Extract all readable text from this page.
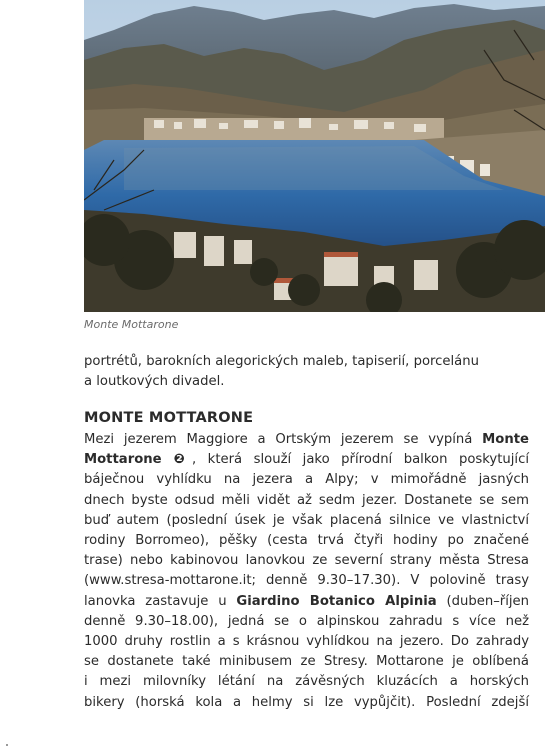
Monte Mottarone

portrétů, barokních alegorických maleb, tapiserií, porcelánu
a loutkových divadel.

MONTE MOTTARONE

Mezi jezerem Maggiore a Ortským jezerem se vypíná Monte
Mottarone ❷, která slouží jako přírodní balkon poskytující
báječnou vyhlídku na jezera a Alpy; v mimořádně jasných
dnech byste odsud měli vidět až sedm jezer. Dostanete se sem
buď autem (poslední úsek je však placená silnice ve vlastnictví
rodiny Borromeo), pěšky (cesta trvá čtyři hodiny po značené
trase) nebo kabinovou lanovkou ze severní strany města Stresa
(www.stresa-mottarone.it; denně 9.30–17.30). V polovině trasy
lanovka zastavuje u Giardino Botanico Alpinia (duben–říjen
denně 9.30–18.00), jedná se o alpinskou zahradu s více než
1000 druhy rostlin a s krásnou vyhlídkou na jezero. Do zahrady
se dostanete také minibusem ze Stresy. Mottarone je oblíbená
i mezi milovníky létání na závěsných kluzácích a horských
bikery (horská kola a helmy si lze vypůjčit). Poslední zdejší
